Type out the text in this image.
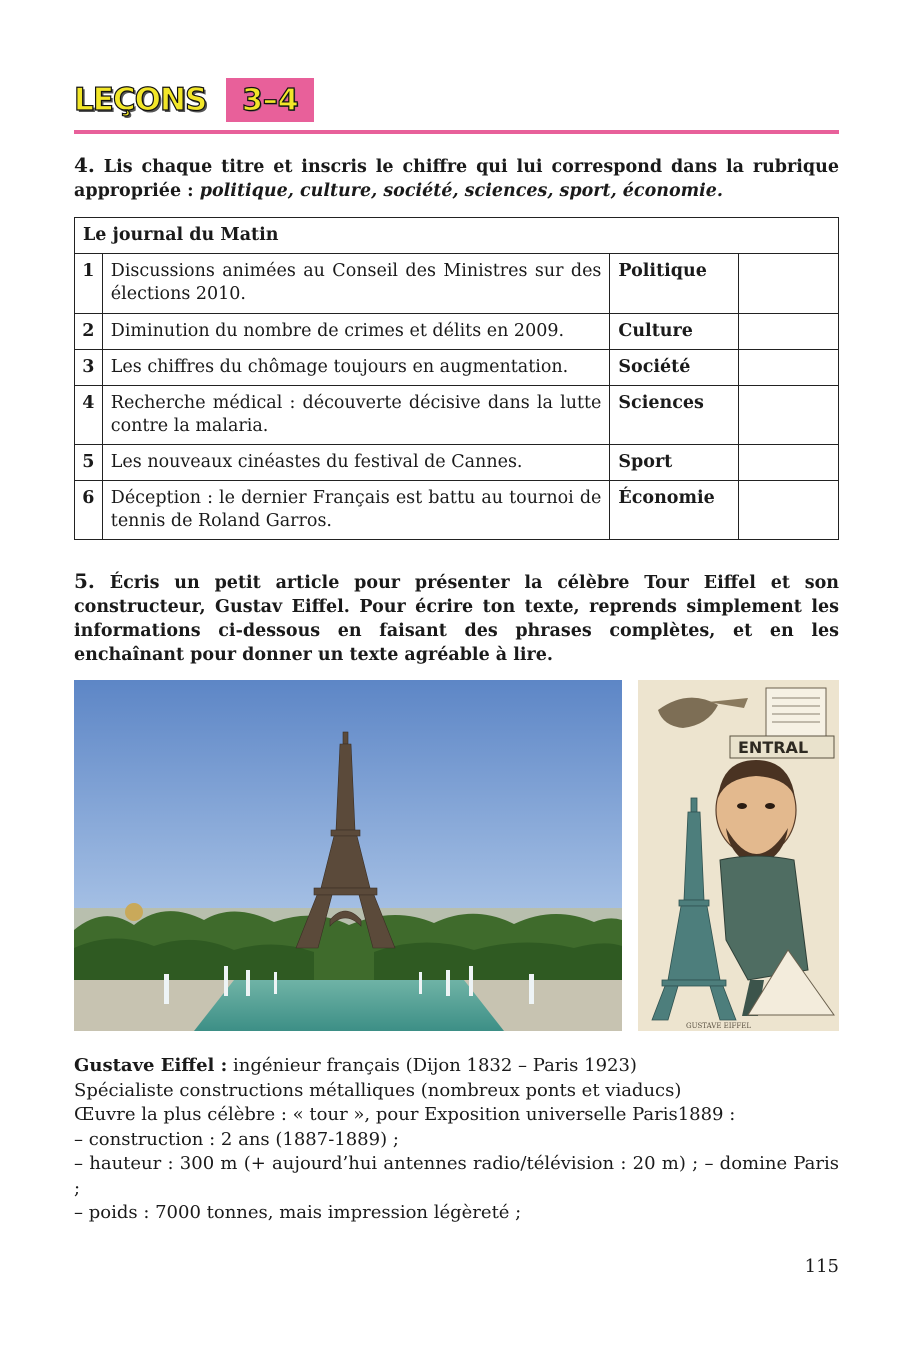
LEÇONS 3–4
4. Lis chaque titre et inscris le chiffre qui lui correspond dans la rubrique appropriée : politique, culture, société, sciences, sport, économie.
Le journal du Matin			
1	Discussions animées au Conseil des Ministres sur des élections 2010.	Politique	
2	Diminution du nombre de crimes et délits en 2009.	Culture	
3	Les chiffres du chômage toujours en augmentation.	Société	
4	Recherche médical : découverte décisive dans la lutte contre la malaria.	Sciences	
5	Les nouveaux cinéastes du festival de Cannes.	Sport	
6	Déception : le dernier Français est battu au tournoi de tennis de Roland Garros.	Économie	
5. Écris un petit article pour présenter la célèbre Tour Eiffel et son constructeur, Gustav Eiffel. Pour écrire ton texte, reprends simplement les informations ci-dessous en faisant des phrases complètes, et en les enchaînant pour donner un texte agréable à lire.
ENTRAL
GUSTAVE EIFFEL

Gustave Eiffel : ingénieur français (Dijon 1832 – Paris 1923)

Spécialiste constructions métalliques (nombreux ponts et viaducs)

Œuvre la plus célèbre : « tour », pour Exposition universelle Paris1889 :

– construction : 2 ans (1887-1889) ;

– hauteur : 300 m (+ aujourd’hui antennes radio/télévision : 20 m) ; – domine Paris ;

– poids : 7000 tonnes, mais impression légèreté ;

115
